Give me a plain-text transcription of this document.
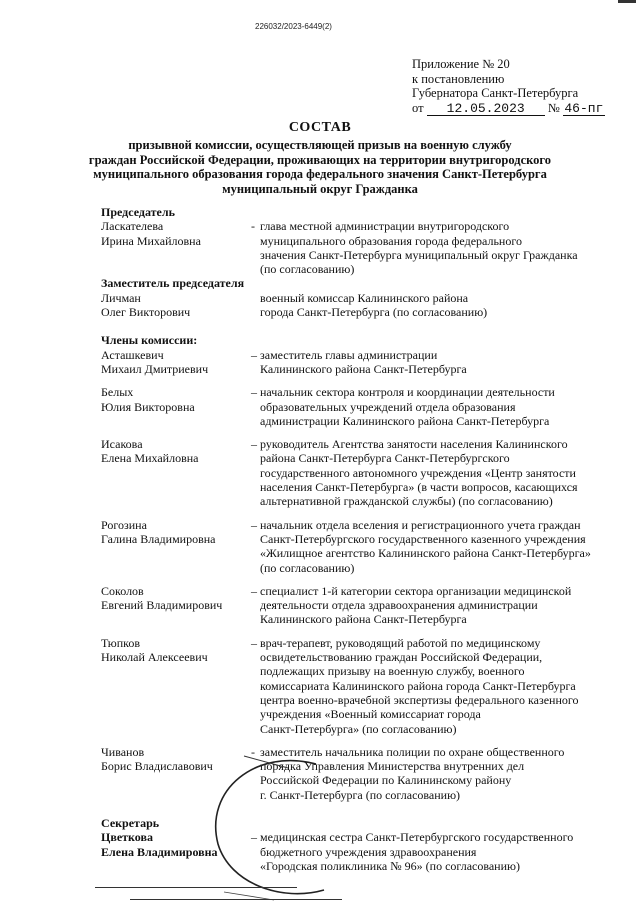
226032/2023-6449(2)
Приложение № 20
к постановлению
Губернатора Санкт-Петербурга
от 12.05.2023 № 46-пг
СОСТАВ
призывной комиссии, осуществляющей призыв на военную службу
граждан Российской Федерации, проживающих на территории внутригородского
муниципального образования города федерального значения Санкт-Петербурга
муниципальный округ Гражданка
Председатель
Ласкателева
Ирина Михайловна
- глава местной администрации внутригородского
муниципального образования города федерального
значения Санкт-Петербурга муниципальный округ Гражданка
(по согласованию)
Заместитель председателя
Личман
Олег Викторович
военный комиссар Калининского района
города Санкт-Петербурга (по согласованию)
Члены комиссии:
Асташкевич
Михаил Дмитриевич
– заместитель главы администрации
Калининского района Санкт-Петербурга
Белых
Юлия Викторовна
– начальник сектора контроля и координации деятельности
образовательных учреждений отдела образования
администрации Калининского района Санкт-Петербурга
Исакова
Елена Михайловна
– руководитель Агентства занятости населения Калининского
района Санкт-Петербурга Санкт-Петербургского
государственного автономного учреждения «Центр занятости
населения Санкт-Петербурга» (в части вопросов, касающихся
альтернативной гражданской службы) (по согласованию)
Рогозина
Галина Владимировна
– начальник отдела вселения и регистрационного учета граждан
Санкт-Петербургского государственного казенного учреждения
«Жилищное агентство Калининского района Санкт-Петербурга»
(по согласованию)
Соколов
Евгений Владимирович
– специалист 1-й категории сектора организации медицинской
деятельности отдела здравоохранения администрации
Калининского района Санкт-Петербурга
Тюпков
Николай Алексеевич
– врач-терапевт, руководящий работой по медицинскому
освидетельствованию граждан Российской Федерации,
подлежащих призыву на военную службу, военного
комиссариата Калининского района города Санкт-Петербурга
центра военно-врачебной экспертизы федерального казенного
учреждения «Военный комиссариат города
Санкт-Петербурга» (по согласованию)
Чиванов
Борис Владиславович
- заместитель начальника полиции по охране общественного
порядка Управления Министерства внутренних дел
Российской Федерации по Калининскому району
г. Санкт-Петербурга (по согласованию)
Секретарь
Цветкова
Елена Владимировна
– медицинская сестра Санкт-Петербургского государственного
бюджетного учреждения здравоохранения
«Городская поликлиника № 96» (по согласованию)
